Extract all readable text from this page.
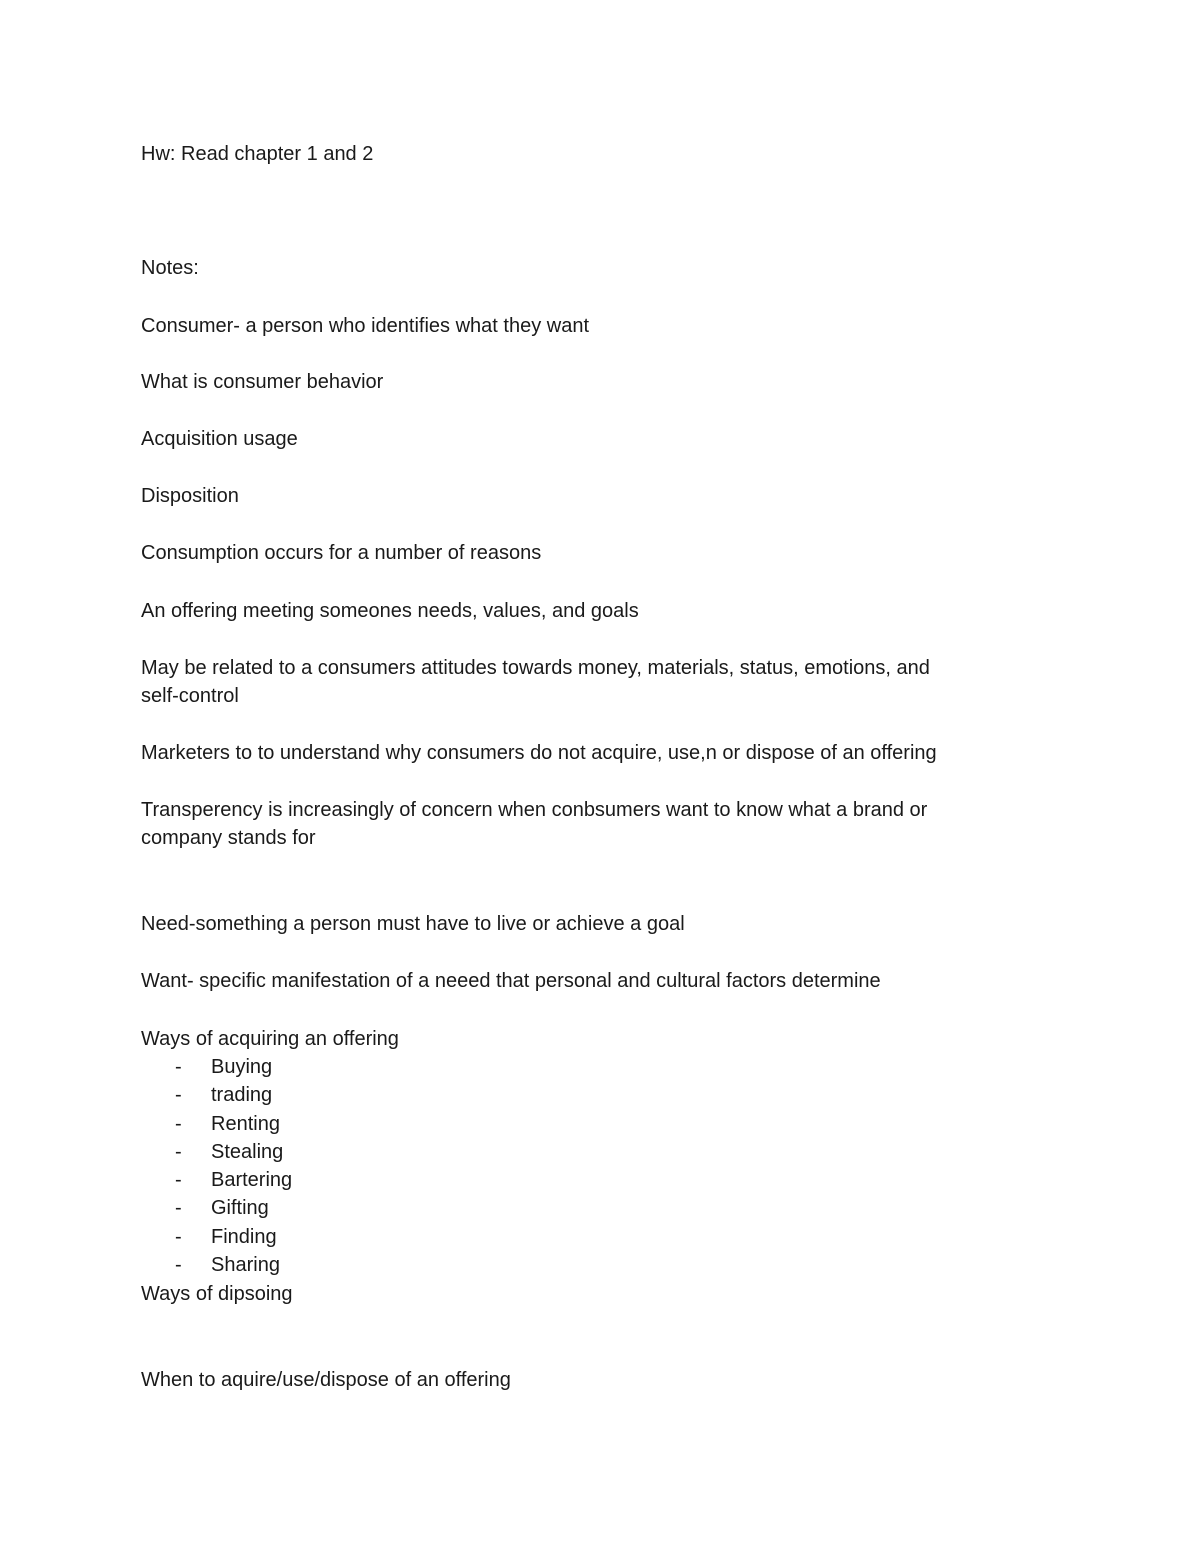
Hw: Read chapter 1 and 2
Notes:
Consumer- a person who identifies what they want
What is consumer behavior
Acquisition usage
Disposition
Consumption occurs for a number of reasons
An offering meeting someones needs, values, and goals
May be related to a consumers attitudes towards money, materials, status, emotions, and
self-control
Marketers to to understand why consumers do not acquire, use,n or dispose of an offering
Transperency is increasingly of concern when conbsumers want to know what a brand or
company stands for
Need-something a person must have to live or achieve a goal
Want- specific manifestation of a neeed that personal and cultural factors determine
Ways of acquiring an offering
- Buying
- trading
- Renting
- Stealing
- Bartering
- Gifting
- Finding
- Sharing
Ways of dipsoing
When to aquire/use/dispose of an offering
